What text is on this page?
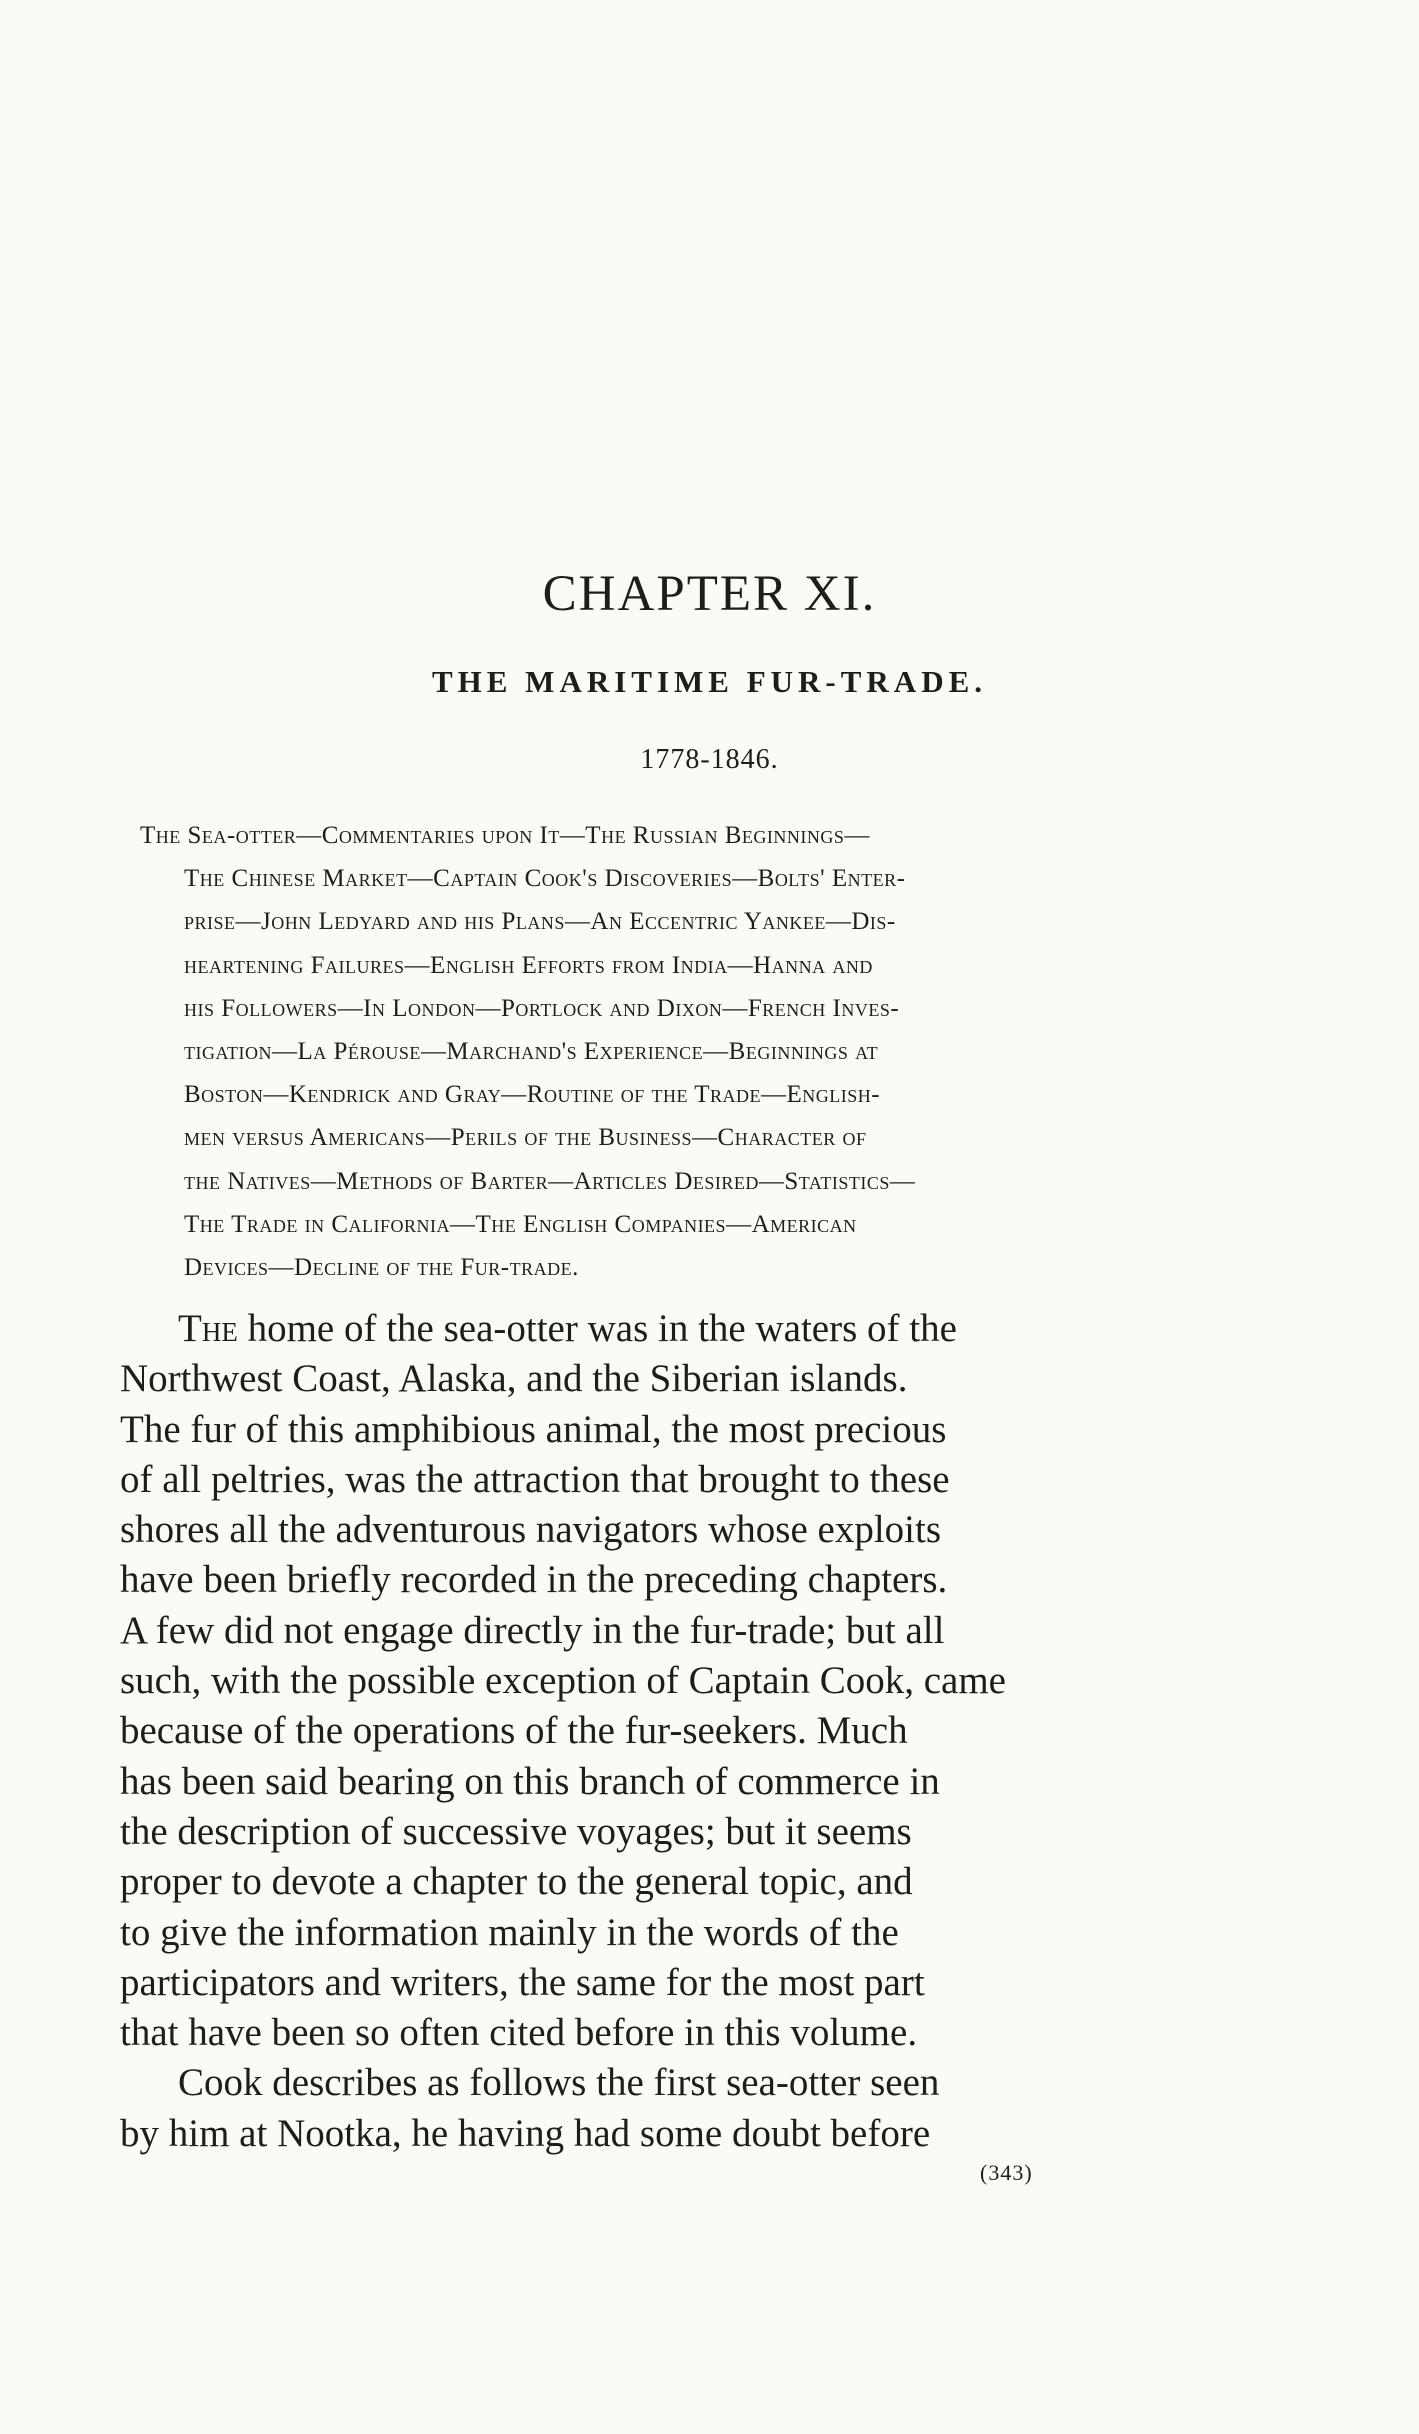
CHAPTER XI.
THE MARITIME FUR-TRADE.
1778-1846.
The Sea-otter—Commentaries upon It—The Russian Beginnings—
The Chinese Market—Captain Cook's Discoveries—Bolts' Enter-
prise—John Ledyard and his Plans—An Eccentric Yankee—Dis-
heartening Failures—English Efforts from India—Hanna and
his Followers—In London—Portlock and Dixon—French Inves-
tigation—La Pérouse—Marchand's Experience—Beginnings at
Boston—Kendrick and Gray—Routine of the Trade—English-
men versus Americans—Perils of the Business—Character of
the Natives—Methods of Barter—Articles Desired—Statistics—
The Trade in California—The English Companies—American
Devices—Decline of the Fur-trade.
The home of the sea-otter was in the waters of the
Northwest Coast, Alaska, and the Siberian islands.
The fur of this amphibious animal, the most precious
of all peltries, was the attraction that brought to these
shores all the adventurous navigators whose exploits
have been briefly recorded in the preceding chapters.
A few did not engage directly in the fur-trade; but all
such, with the possible exception of Captain Cook, came
because of the operations of the fur-seekers. Much
has been said bearing on this branch of commerce in
the description of successive voyages; but it seems
proper to devote a chapter to the general topic, and
to give the information mainly in the words of the
participators and writers, the same for the most part
that have been so often cited before in this volume.
Cook describes as follows the first sea-otter seen
by him at Nootka, he having had some doubt before
(343)
